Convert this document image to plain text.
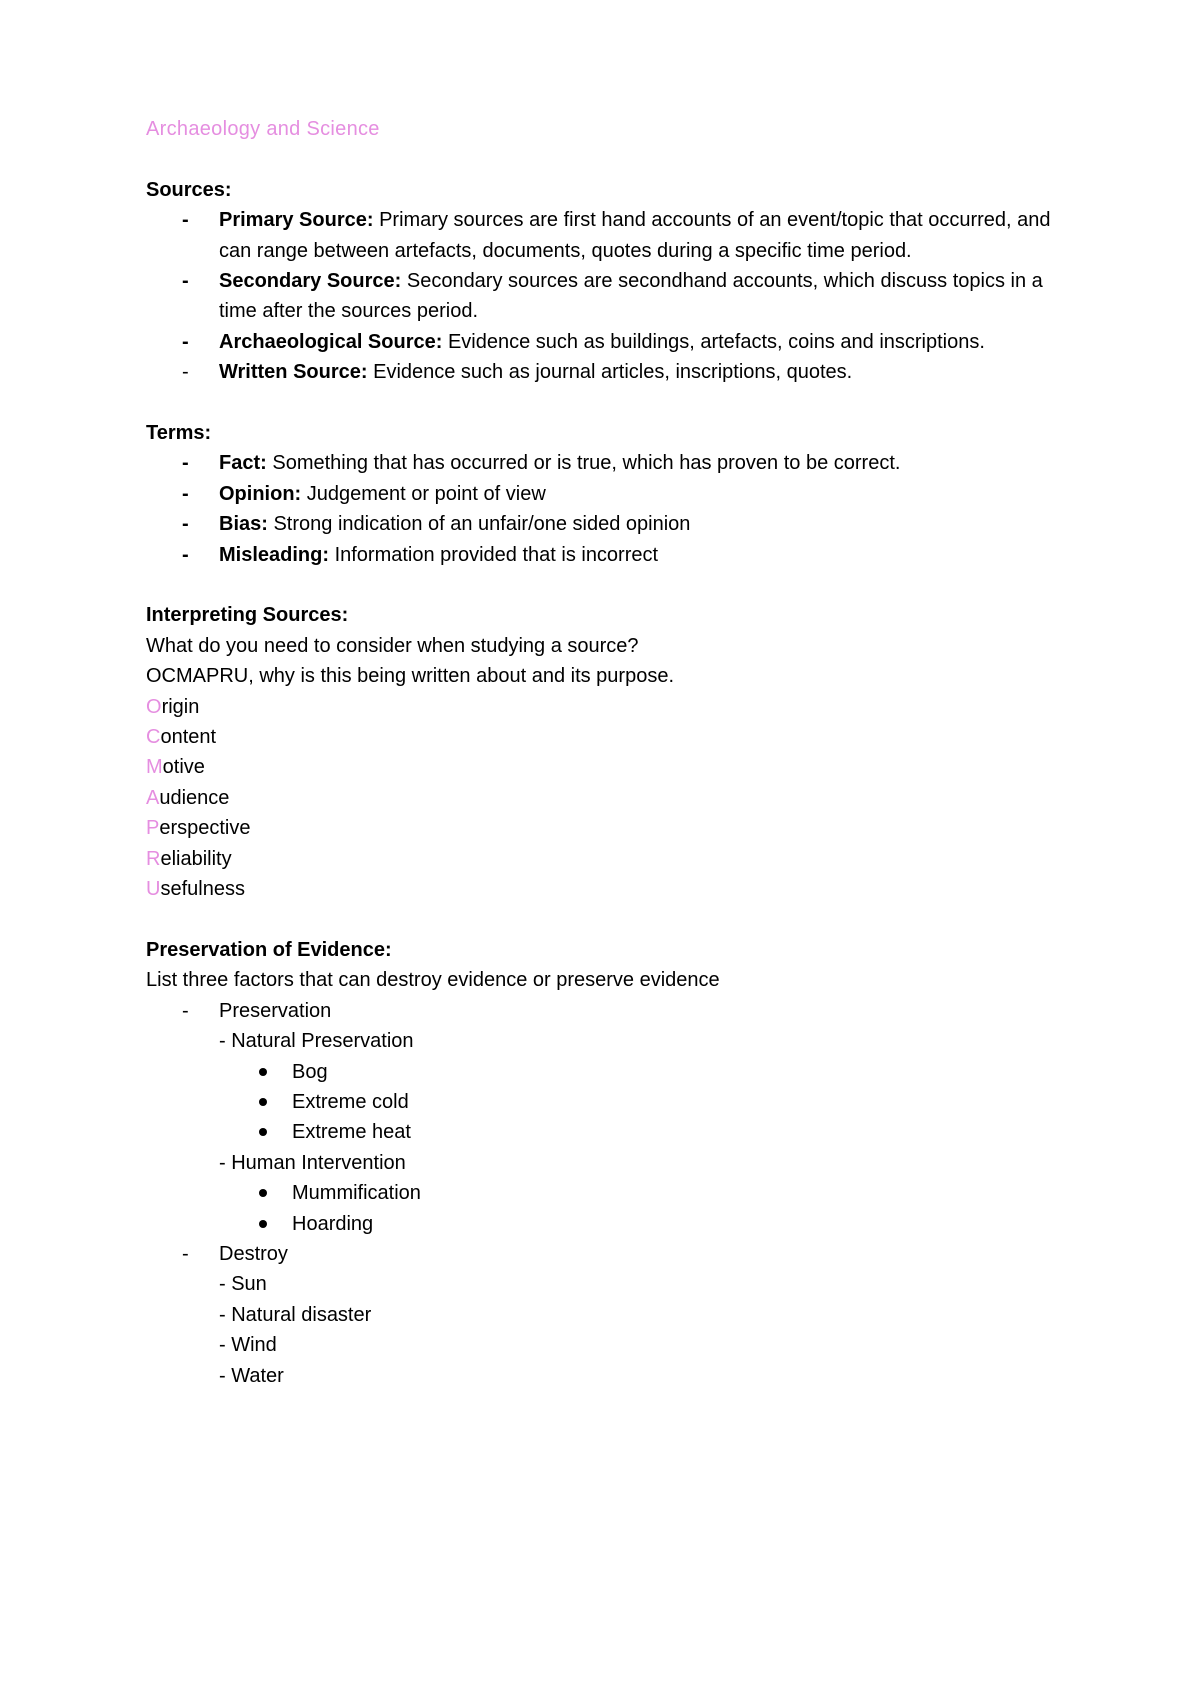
Archaeology and Science
Sources:
- Primary Source: Primary sources are first hand accounts of an event/topic that occurred, and can range between artefacts, documents, quotes during a specific time period.
- Secondary Source: Secondary sources are secondhand accounts, which discuss topics in a time after the sources period.
- Archaeological Source: Evidence such as buildings, artefacts, coins and inscriptions.
- Written Source: Evidence such as journal articles, inscriptions, quotes.
Terms:
- Fact: Something that has occurred or is true, which has proven to be correct.
- Opinion: Judgement or point of view
- Bias: Strong indication of an unfair/one sided opinion
- Misleading: Information provided that is incorrect
Interpreting Sources:
What do you need to consider when studying a source?
OCMAPRU, why is this being written about and its purpose.
Origin
Content
Motive
Audience
Perspective
Reliability
Usefulness
Preservation of Evidence:
List three factors that can destroy evidence or preserve evidence
- Preservation
- Natural Preservation
Bog
Extreme cold
Extreme heat
- Human Intervention
Mummification
Hoarding
- Destroy
- Sun
- Natural disaster
- Wind
- Water
